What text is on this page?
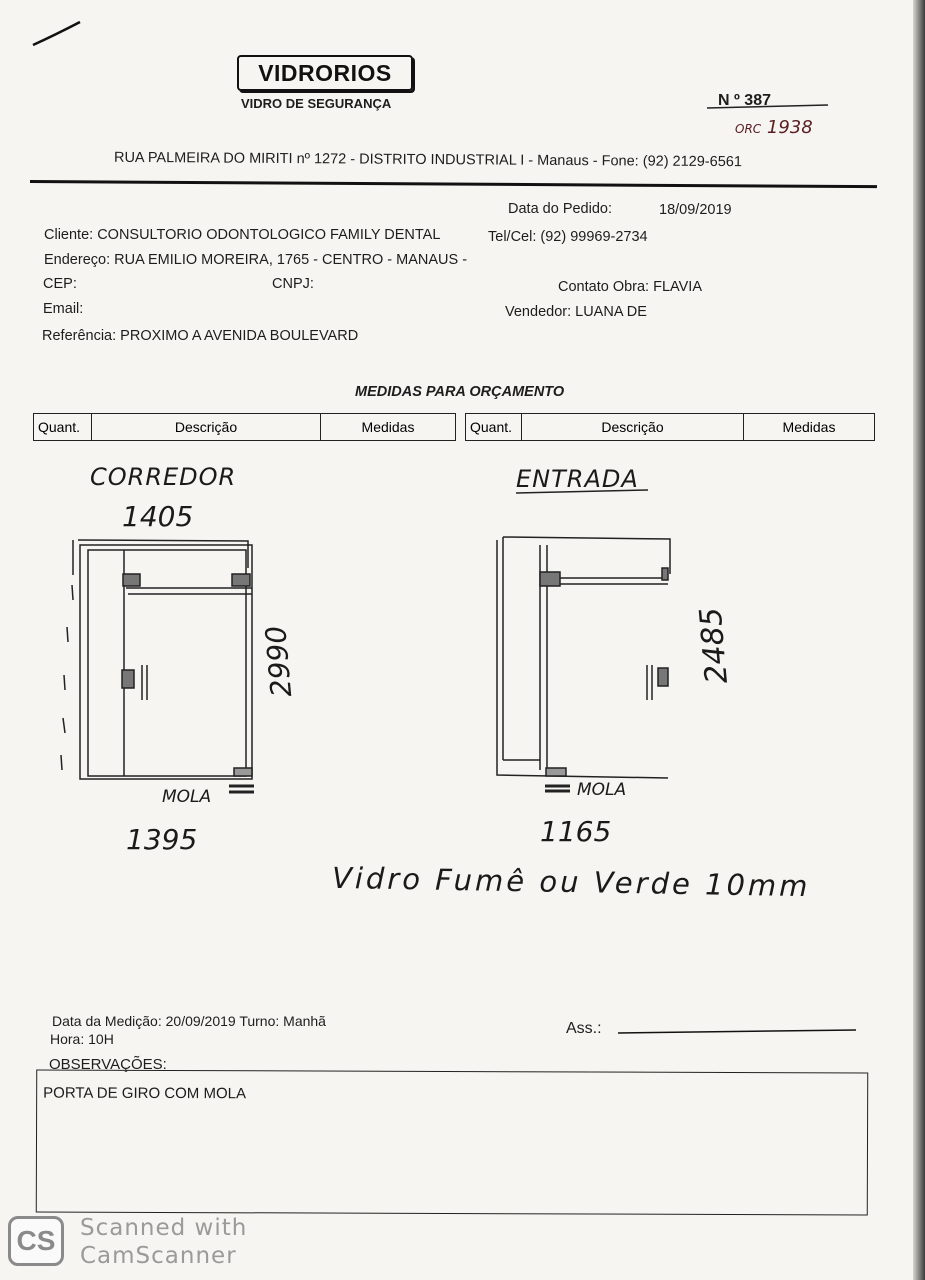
VIDRORIOS
VIDRO DE SEGURANÇA	N º 387
ORC 1938
RUA PALMEIRA DO MIRITI nº 1272 - DISTRITO INDUSTRIAL I - Manaus - Fone: (92) 2129-6561
Data do Pedido:	18/09/2019
Cliente: CONSULTORIO ODONTOLOGICO FAMILY DENTAL	Tel/Cel: (92) 99969-2734
Endereço: RUA EMILIO MOREIRA, 1765 - CENTRO - MANAUS -
CEP:	CNPJ:	Contato Obra: FLAVIA
Email:	Vendedor: LUANA DE
Referência: PROXIMO A AVENIDA BOULEVARD
MEDIDAS PARA ORÇAMENTO
Quant.	Descrição	Medidas	Quant.	Descrição	Medidas
CORREDOR
1405
2990
MOLA
1395
ENTRADA
2485
MOLA
1165
Vidro Fumê ou Verde 10mm
Data da Medição: 20/09/2019 Turno: Manhã
Hora: 10H
Ass.:
OBSERVAÇÕES:
PORTA DE GIRO COM MOLA
CS	Scanned with
CamScanner
